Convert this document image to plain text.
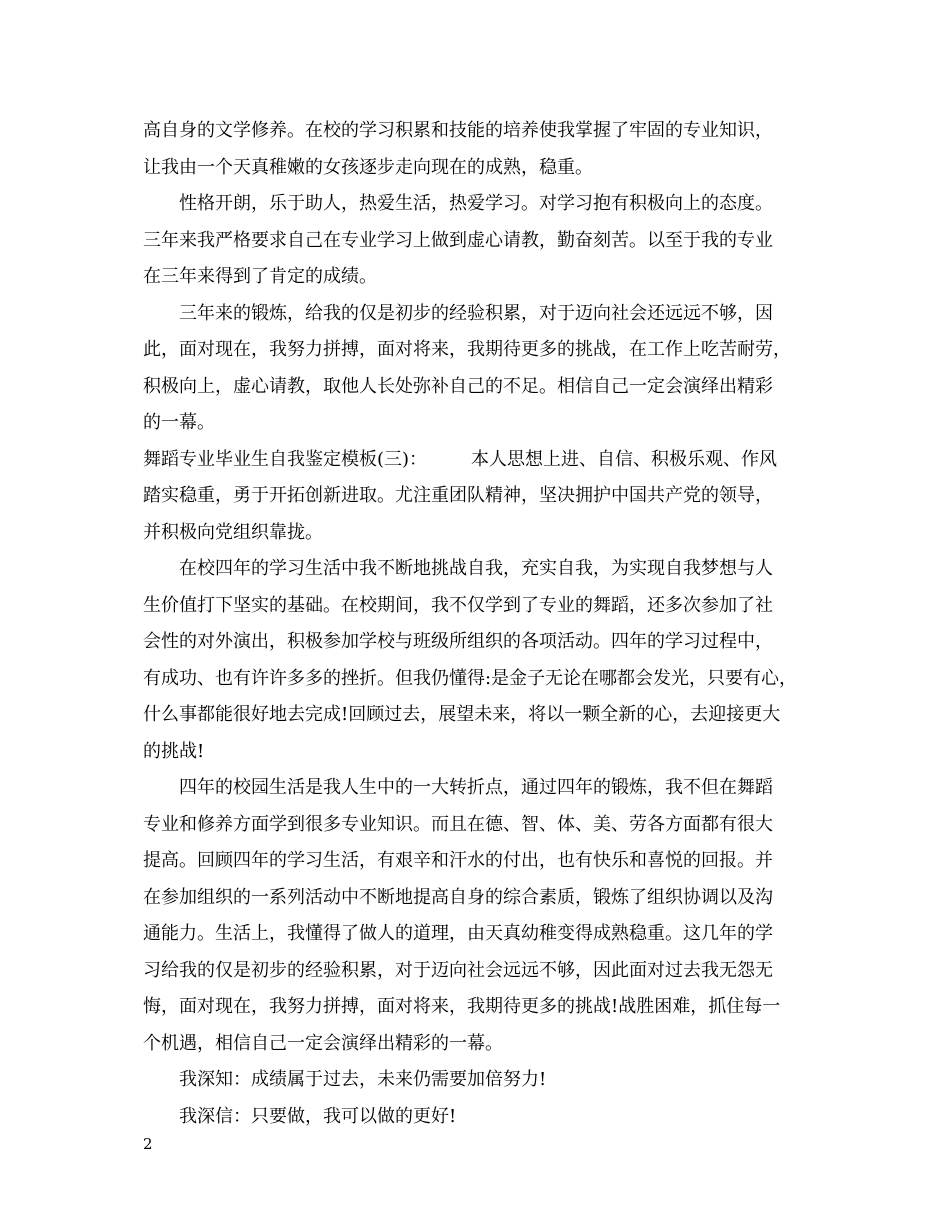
高自身的文学修养。在校的学习积累和技能的培养使我掌握了牢固的专业知识，
让我由一个天真稚嫩的女孩逐步走向现在的成熟，稳重。
性格开朗，乐于助人，热爱生活，热爱学习。对学习抱有积极向上的态度。
三年来我严格要求自己在专业学习上做到虚心请教，勤奋刻苦。以至于我的专业
在三年来得到了肯定的成绩。
三年来的锻炼，给我的仅是初步的经验积累，对于迈向社会还远远不够，因
此，面对现在，我努力拼搏，面对将来，我期待更多的挑战，在工作上吃苦耐劳，
积极向上，虚心请教，取他人长处弥补自己的不足。相信自己一定会演绎出精彩
的一幕。
舞蹈专业毕业生自我鉴定模板(三)： 本人思想上进、自信、积极乐观、作风
踏实稳重，勇于开拓创新进取。尤注重团队精神，坚决拥护中国共产党的领导，
并积极向党组织靠拢。
在校四年的学习生活中我不断地挑战自我，充实自我，为实现自我梦想与人
生价值打下坚实的基础。在校期间，我不仅学到了专业的舞蹈，还多次参加了社
会性的对外演出，积极参加学校与班级所组织的各项活动。四年的学习过程中，
有成功、也有许许多多的挫折。但我仍懂得:是金子无论在哪都会发光，只要有心，
什么事都能很好地去完成!回顾过去，展望未来，将以一颗全新的心，去迎接更大
的挑战!
四年的校园生活是我人生中的一大转折点，通过四年的锻炼，我不但在舞蹈
专业和修养方面学到很多专业知识。而且在德、智、体、美、劳各方面都有很大
提高。回顾四年的学习生活，有艰辛和汗水的付出，也有快乐和喜悦的回报。并
在参加组织的一系列活动中不断地提高自身的综合素质，锻炼了组织协调以及沟
通能力。生活上，我懂得了做人的道理，由天真幼稚变得成熟稳重。这几年的学
习给我的仅是初步的经验积累，对于迈向社会远远不够，因此面对过去我无怨无
悔，面对现在，我努力拼搏，面对将来，我期待更多的挑战!战胜困难，抓住每一
个机遇，相信自己一定会演绎出精彩的一幕。
我深知：成绩属于过去，未来仍需要加倍努力!
我深信：只要做，我可以做的更好!
2
